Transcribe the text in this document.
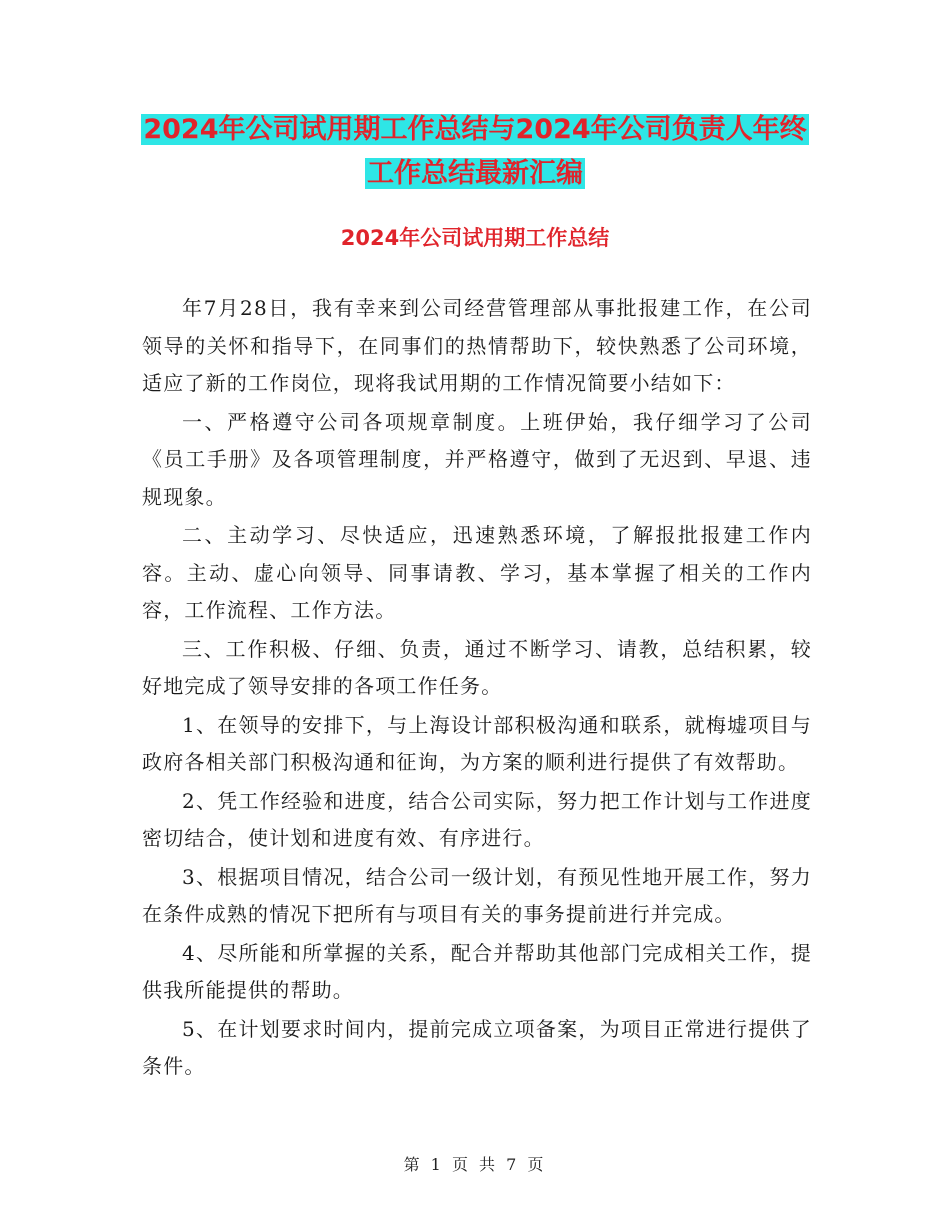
2024年公司试用期工作总结与2024年公司负责人年终
工作总结最新汇编
2024年公司试用期工作总结

年7月28日，我有幸来到公司经营管理部从事批报建工作，在公司领导的关怀和指导下，在同事们的热情帮助下，较快熟悉了公司环境，适应了新的工作岗位，现将我试用期的工作情况简要小结如下：

一、严格遵守公司各项规章制度。上班伊始，我仔细学习了公司《员工手册》及各项管理制度，并严格遵守，做到了无迟到、早退、违规现象。

二、主动学习、尽快适应，迅速熟悉环境，了解报批报建工作内容。主动、虚心向领导、同事请教、学习，基本掌握了相关的工作内容，工作流程、工作方法。

三、工作积极、仔细、负责，通过不断学习、请教，总结积累，较好地完成了领导安排的各项工作任务。

1、在领导的安排下，与上海设计部积极沟通和联系，就梅墟项目与政府各相关部门积极沟通和征询，为方案的顺利进行提供了有效帮助。

2、凭工作经验和进度，结合公司实际，努力把工作计划与工作进度密切结合，使计划和进度有效、有序进行。

3、根据项目情况，结合公司一级计划，有预见性地开展工作，努力在条件成熟的情况下把所有与项目有关的事务提前进行并完成。

4、尽所能和所掌握的关系，配合并帮助其他部门完成相关工作，提供我所能提供的帮助。

5、在计划要求时间内，提前完成立项备案，为项目正常进行提供了条件。

第 1 页 共 7 页
